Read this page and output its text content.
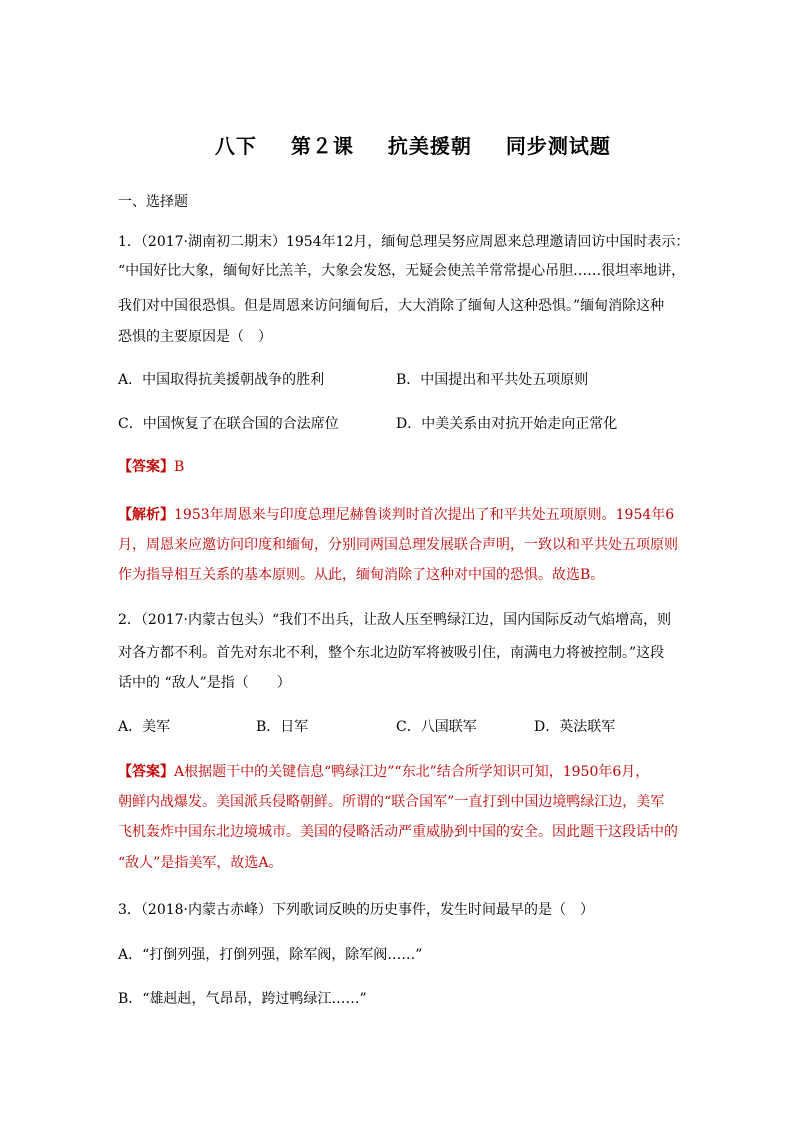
八下 第２课 抗美援朝 同步测试题

一、选择题
1．（2017·湖南初二期末）1954年12月，缅甸总理吴努应周恩来总理邀请回访中国时表示：
“中国好比大象，缅甸好比羔羊，大象会发怒，无疑会使羔羊常常提心吊胆……很坦率地讲，
我们对中国很恐惧。但是周恩来访问缅甸后，大大消除了缅甸人这种恐惧。”缅甸消除这种
恐惧的主要原因是（　）
A．中国取得抗美援朝战争的胜利	B．中国提出和平共处五项原则
C．中国恢复了在联合国的合法席位	D．中美关系由对抗开始走向正常化
【答案】B
【解析】1953年周恩来与印度总理尼赫鲁谈判时首次提出了和平共处五项原则。1954年6
月，周恩来应邀访问印度和缅甸，分别同两国总理发展联合声明，一致以和平共处五项原则
作为指导相互关系的基本原则。从此，缅甸消除了这种对中国的恐惧。故选B。
2．（2017·内蒙古包头）“我们不出兵，让敌人压至鸭绿江边，国内国际反动气焰增高，则
对各方都不利。首先对东北不利，整个东北边防军将被吸引住，南满电力将被控制。”这段
话中的 “敌人”是指（　　）
A．美军	B．日军	C．八国联军	D．英法联军
【答案】A根据题干中的关键信息“鸭绿江边”“东北”结合所学知识可知，1950年6月，
朝鲜内战爆发。美国派兵侵略朝鲜。所谓的“联合国军”一直打到中国边境鸭绿江边，美军
飞机轰炸中国东北边境城市。美国的侵略活动严重威胁到中国的安全。因此题干这段话中的
“敌人”是指美军，故选A。
3．（2018·内蒙古赤峰）下列歌词反映的历史事件，发生时间最早的是（　）
A．“打倒列强，打倒列强，除军阀，除军阀……”
B．“雄赳赳，气昂昂，跨过鸭绿江……”
